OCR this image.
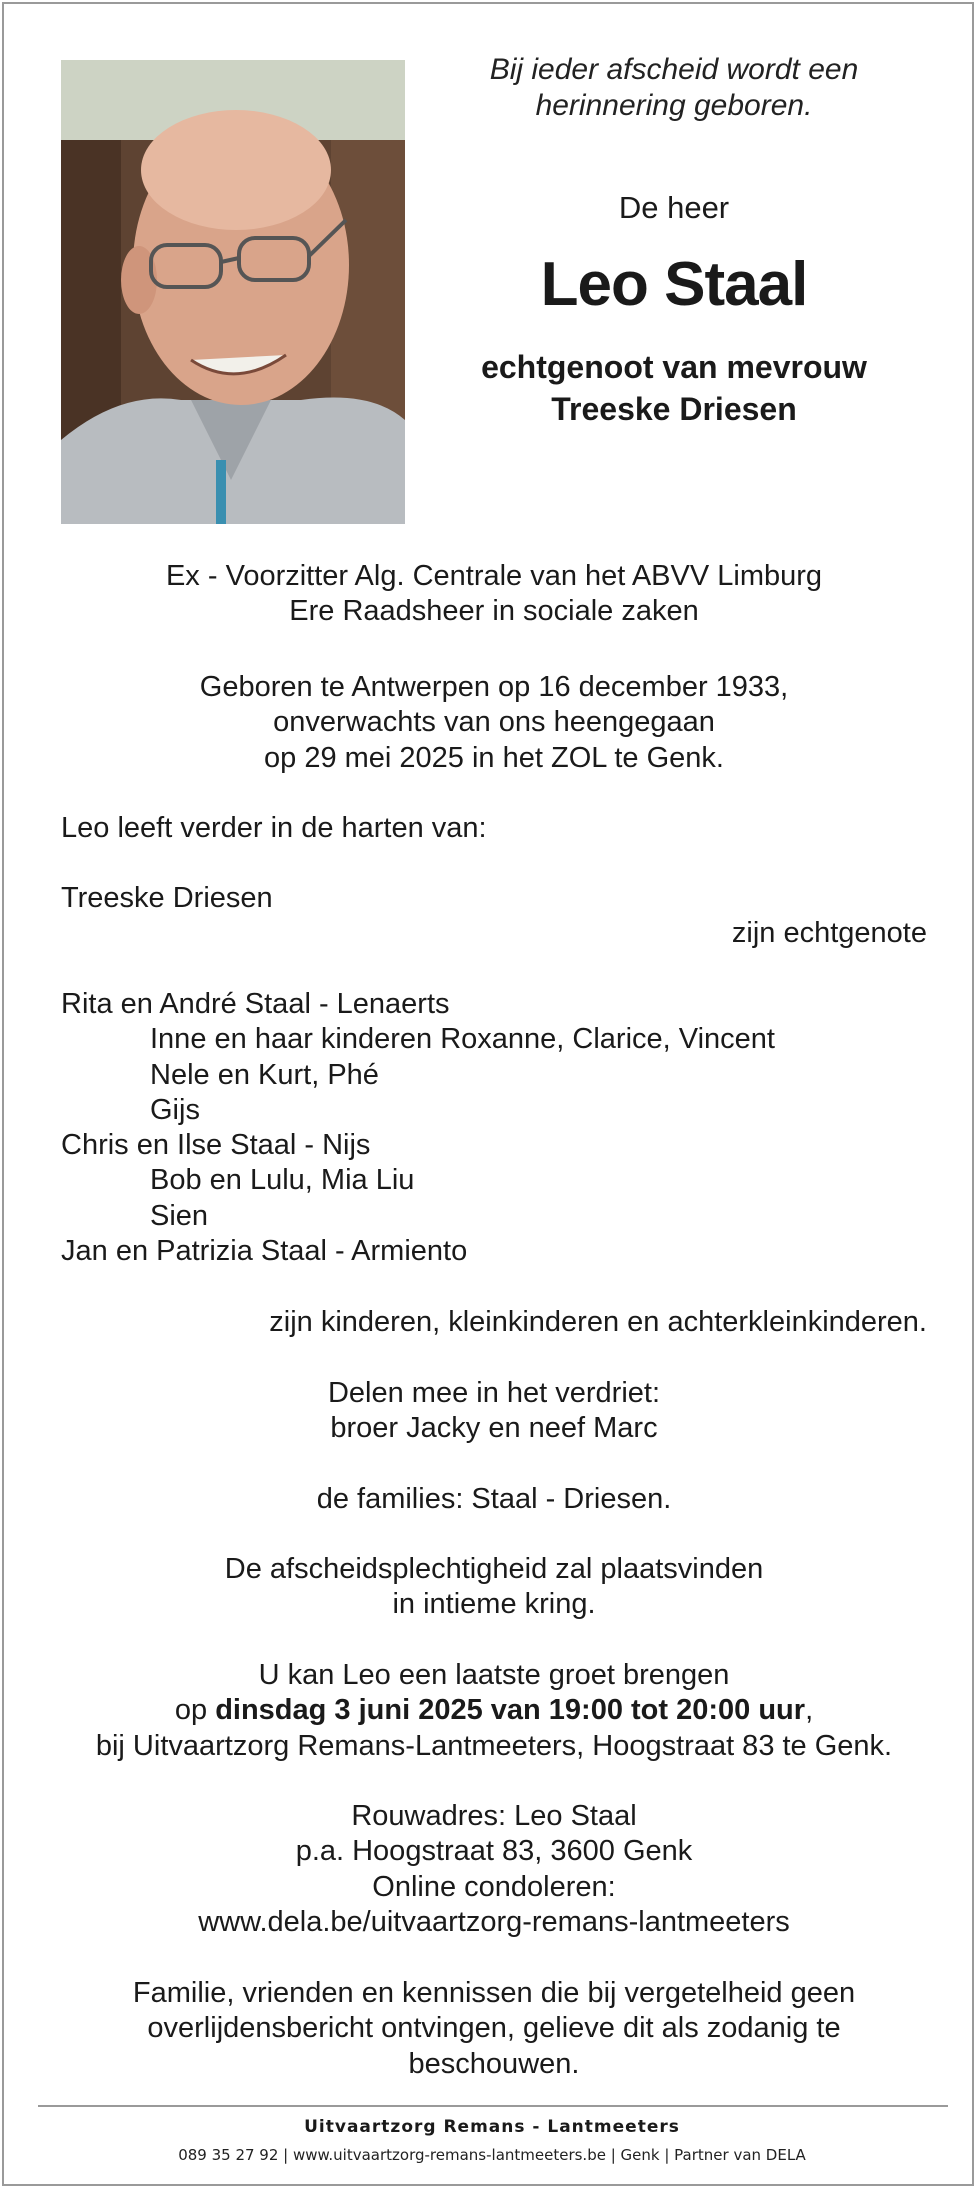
Bij ieder afscheid wordt een
herinnering geboren.
De heer
Leo Staal
echtgenoot van mevrouw
Treeske Driesen
Ex - Voorzitter Alg. Centrale van het ABVV Limburg
Ere Raadsheer in sociale zaken
Geboren te Antwerpen op 16 december 1933,
onverwachts van ons heengegaan
op 29 mei 2025 in het ZOL te Genk.
Leo leeft verder in de harten van:
Treeske Driesen
zijn echtgenote
Rita en André Staal - Lenaerts
Inne en haar kinderen Roxanne, Clarice, Vincent
Nele en Kurt, Phé
Gijs
Chris en Ilse Staal - Nijs
Bob en Lulu, Mia Liu
Sien
Jan en Patrizia Staal - Armiento
zijn kinderen, kleinkinderen en achterkleinkinderen.
Delen mee in het verdriet:
broer Jacky en neef Marc
de families: Staal - Driesen.
De afscheidsplechtigheid zal plaatsvinden
in intieme kring.
U kan Leo een laatste groet brengen
op dinsdag 3 juni 2025 van 19:00 tot 20:00 uur,
bij Uitvaartzorg Remans-Lantmeeters, Hoogstraat 83 te Genk.
Rouwadres: Leo Staal
p.a. Hoogstraat 83, 3600 Genk
Online condoleren:
www.dela.be/uitvaartzorg-remans-lantmeeters
Familie, vrienden en kennissen die bij vergetelheid geen
overlijdensbericht ontvingen, gelieve dit als zodanig te
beschouwen.
Uitvaartzorg Remans - Lantmeeters
089 35 27 92 | www.uitvaartzorg-remans-lantmeeters.be | Genk | Partner van DELA
